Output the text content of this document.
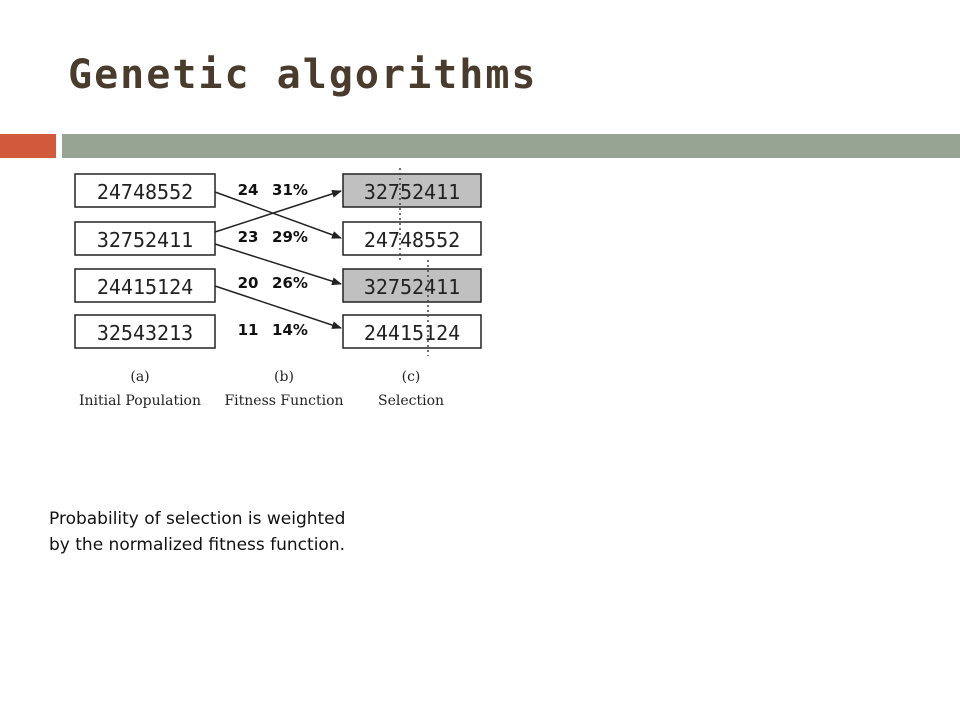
Genetic algorithms
24748552
32752411
24415124
32543213
24 31%
23 29%
20 26%
11 14%
32752411
24748552
32752411
24415124
(a)
Initial Population
(b)
Fitness Function
(c)
Selection

Probability of selection is weighted by the normalized fitness function.
